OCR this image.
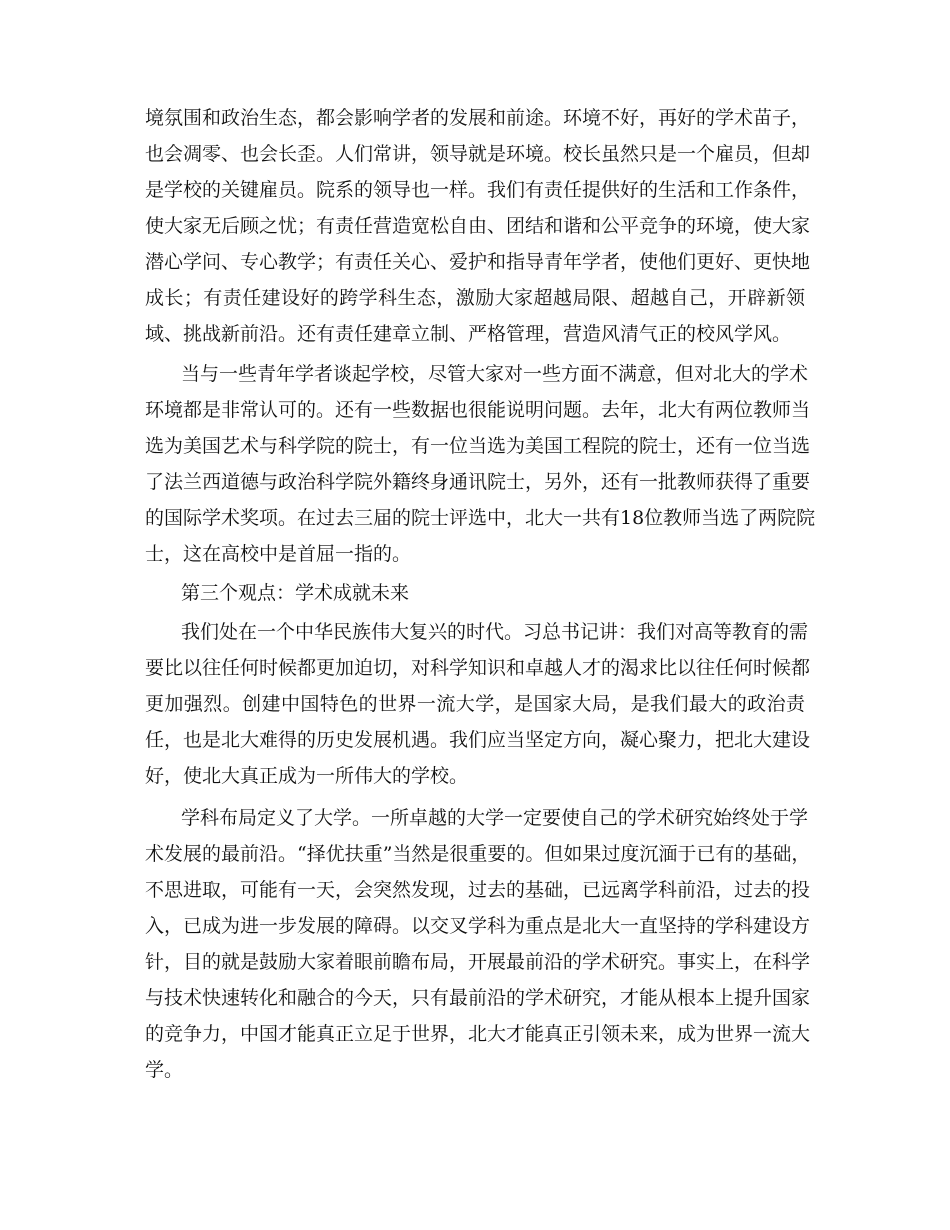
境氛围和政治生态，都会影响学者的发展和前途。环境不好，再好的学术苗子，
也会凋零、也会长歪。人们常讲，领导就是环境。校长虽然只是一个雇员，但却
是学校的关键雇员。院系的领导也一样。我们有责任提供好的生活和工作条件，
使大家无后顾之忧；有责任营造宽松自由、团结和谐和公平竞争的环境，使大家
潜心学问、专心教学；有责任关心、爱护和指导青年学者，使他们更好、更快地
成长；有责任建设好的跨学科生态，激励大家超越局限、超越自己，开辟新领
域、挑战新前沿。还有责任建章立制、严格管理，营造风清气正的校风学风。
当与一些青年学者谈起学校，尽管大家对一些方面不满意，但对北大的学术
环境都是非常认可的。还有一些数据也很能说明问题。去年，北大有两位教师当
选为美国艺术与科学院的院士，有一位当选为美国工程院的院士，还有一位当选
了法兰西道德与政治科学院外籍终身通讯院士，另外，还有一批教师获得了重要
的国际学术奖项。在过去三届的院士评选中，北大一共有18位教师当选了两院院
士，这在高校中是首屈一指的。
第三个观点：学术成就未来
我们处在一个中华民族伟大复兴的时代。习总书记讲：我们对高等教育的需
要比以往任何时候都更加迫切，对科学知识和卓越人才的渴求比以往任何时候都
更加强烈。创建中国特色的世界一流大学，是国家大局，是我们最大的政治责
任，也是北大难得的历史发展机遇。我们应当坚定方向，凝心聚力，把北大建设
好，使北大真正成为一所伟大的学校。
学科布局定义了大学。一所卓越的大学一定要使自己的学术研究始终处于学
术发展的最前沿。“择优扶重”当然是很重要的。但如果过度沉湎于已有的基础，
不思进取，可能有一天，会突然发现，过去的基础，已远离学科前沿，过去的投
入，已成为进一步发展的障碍。以交叉学科为重点是北大一直坚持的学科建设方
针，目的就是鼓励大家着眼前瞻布局，开展最前沿的学术研究。事实上，在科学
与技术快速转化和融合的今天，只有最前沿的学术研究，才能从根本上提升国家
的竞争力，中国才能真正立足于世界，北大才能真正引领未来，成为世界一流大
学。
